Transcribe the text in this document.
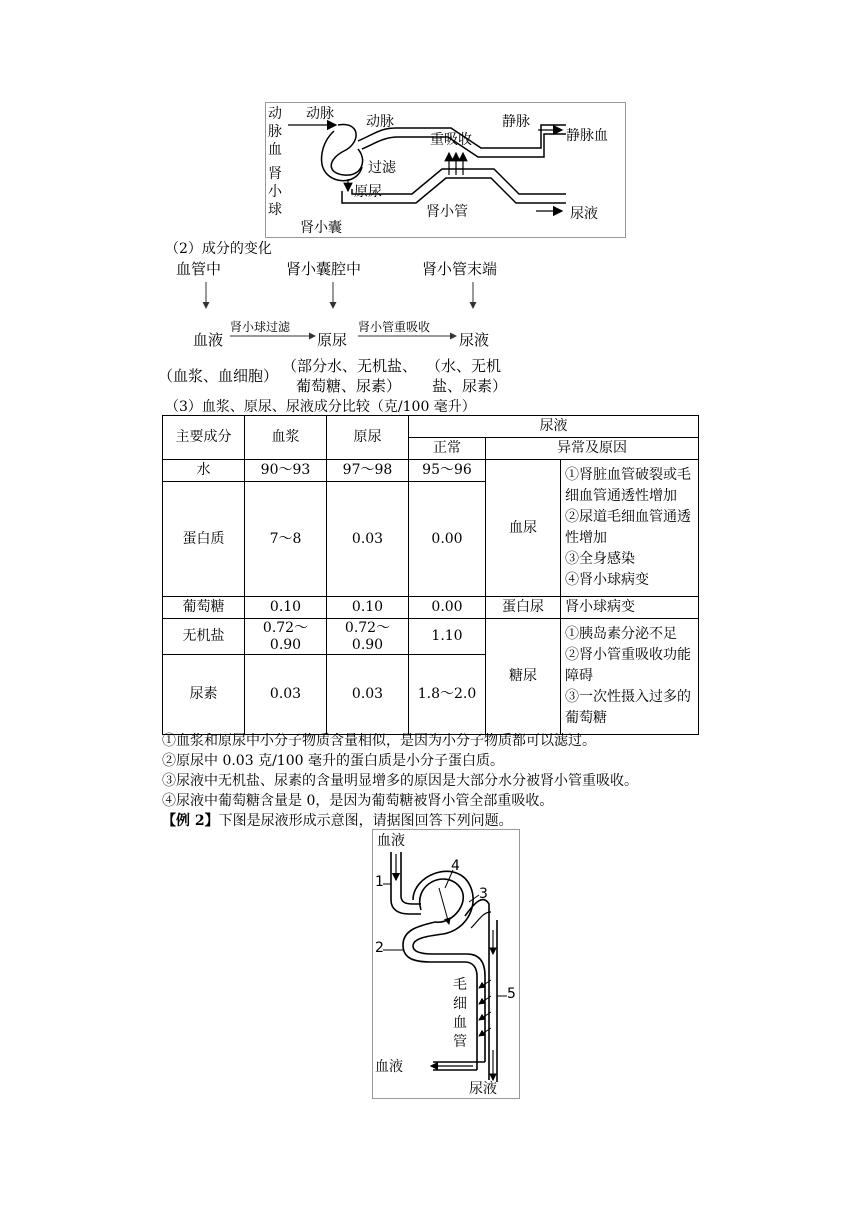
动脉血
动脉 动脉
重吸收
静脉
静脉血
肾小球
过滤
原尿
肾小管
肾小囊
尿液
（2）成分的变化
血管中	肾小囊腔中	肾小管末端
肾小球过滤	肾小管重吸收
血液	原尿	尿液
（血浆、血细胞）
（部分水、无机盐、
葡萄糖、尿素）
（水、无机
盐、尿素）
（3）血浆、原尿、尿液成分比较（克/100 毫升）
主要成分	血浆	原尿	尿液		
			正常	异常及原因	
水	90～93	97～98	95～96	血尿	①肾脏血管破裂或毛细血管通透性增加
②尿道毛细血管通透性增加
③全身感染
④肾小球病变

蛋白质	7～8	0.03	0.00		
葡萄糖	0.10	0.10	0.00	蛋白尿	肾小球病变
无机盐	0.72～0.90	0.72～0.90	1.10	糖尿	①胰岛素分泌不足
②肾小管重吸收功能障碍
③一次性摄入过多的葡萄糖

尿素	0.03	0.03	1.8～2.0		
①血浆和原尿中小分子物质含量相似，是因为小分子物质都可以滤过。
②原尿中 0.03 克/100 毫升的蛋白质是小分子蛋白质。
③尿液中无机盐、尿素的含量明显增多的原因是大部分水分被肾小管重吸收。
④尿液中葡萄糖含量是 0，是因为葡萄糖被肾小管全部重吸收。
【例 2】下图是尿液形成示意图，请据图回答下列问题。
血液
1
4
3
2
5
毛细血管
血液
尿液
